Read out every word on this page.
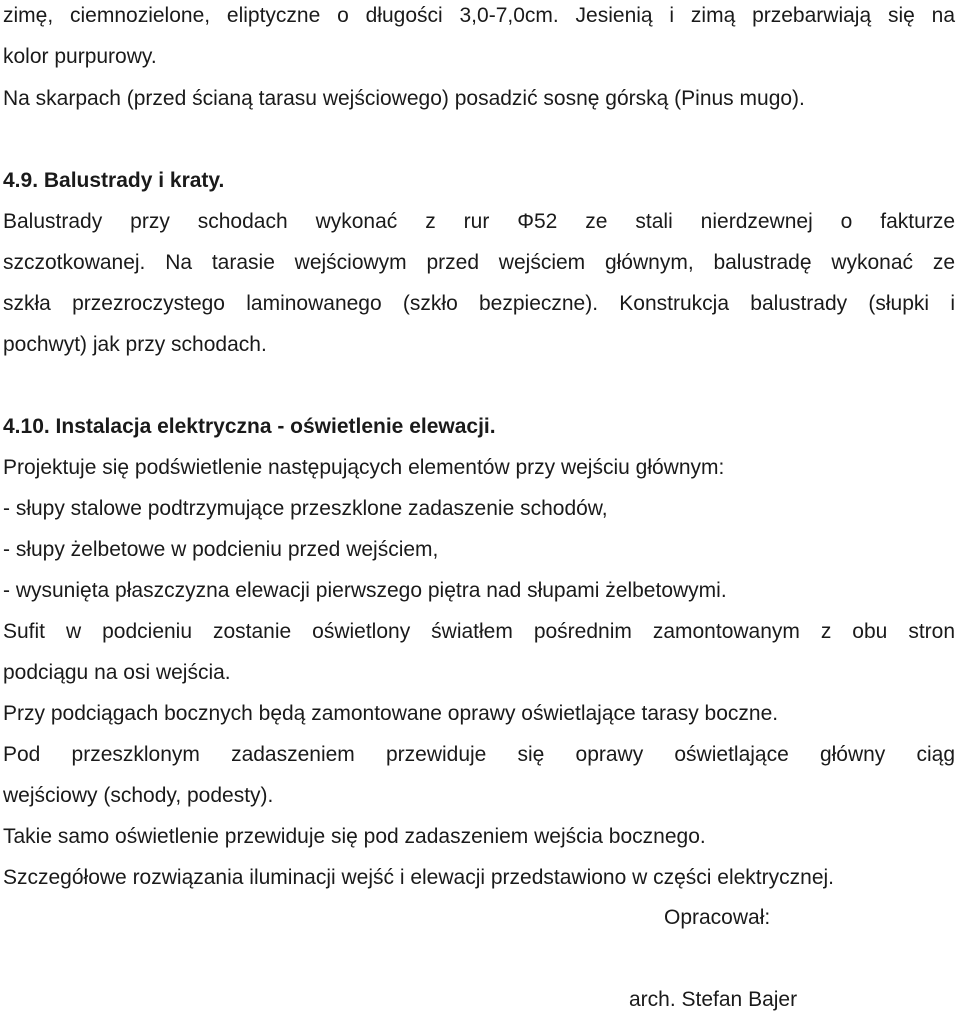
zimę, ciemnozielone, eliptyczne o długości 3,0-7,0cm. Jesienią i zimą przebarwiają się na
kolor purpurowy.
Na skarpach (przed ścianą tarasu wejściowego) posadzić sosnę górską (Pinus mugo).
4.9. Balustrady i kraty.
Balustrady przy schodach wykonać z rur Φ52 ze stali nierdzewnej o fakturze
szczotkowanej. Na tarasie wejściowym przed wejściem głównym, balustradę wykonać ze
szkła przezroczystego laminowanego (szkło bezpieczne). Konstrukcja balustrady (słupki i
pochwyt) jak przy schodach.
4.10. Instalacja elektryczna - oświetlenie elewacji.
Projektuje się podświetlenie następujących elementów przy wejściu głównym:
- słupy stalowe podtrzymujące przeszklone zadaszenie schodów,
- słupy żelbetowe w podcieniu przed wejściem,
- wysunięta płaszczyzna elewacji pierwszego piętra nad słupami żelbetowymi.
Sufit w podcieniu zostanie oświetlony światłem pośrednim zamontowanym z obu stron
podciągu na osi wejścia.
Przy podciągach bocznych będą zamontowane oprawy oświetlające tarasy boczne.
Pod przeszklonym zadaszeniem przewiduje się oprawy oświetlające główny ciąg
wejściowy (schody, podesty).
Takie samo oświetlenie przewiduje się pod zadaszeniem wejścia bocznego.
Szczegółowe rozwiązania iluminacji wejść i elewacji przedstawiono w części elektrycznej.
Opracował:
arch. Stefan Bajer
